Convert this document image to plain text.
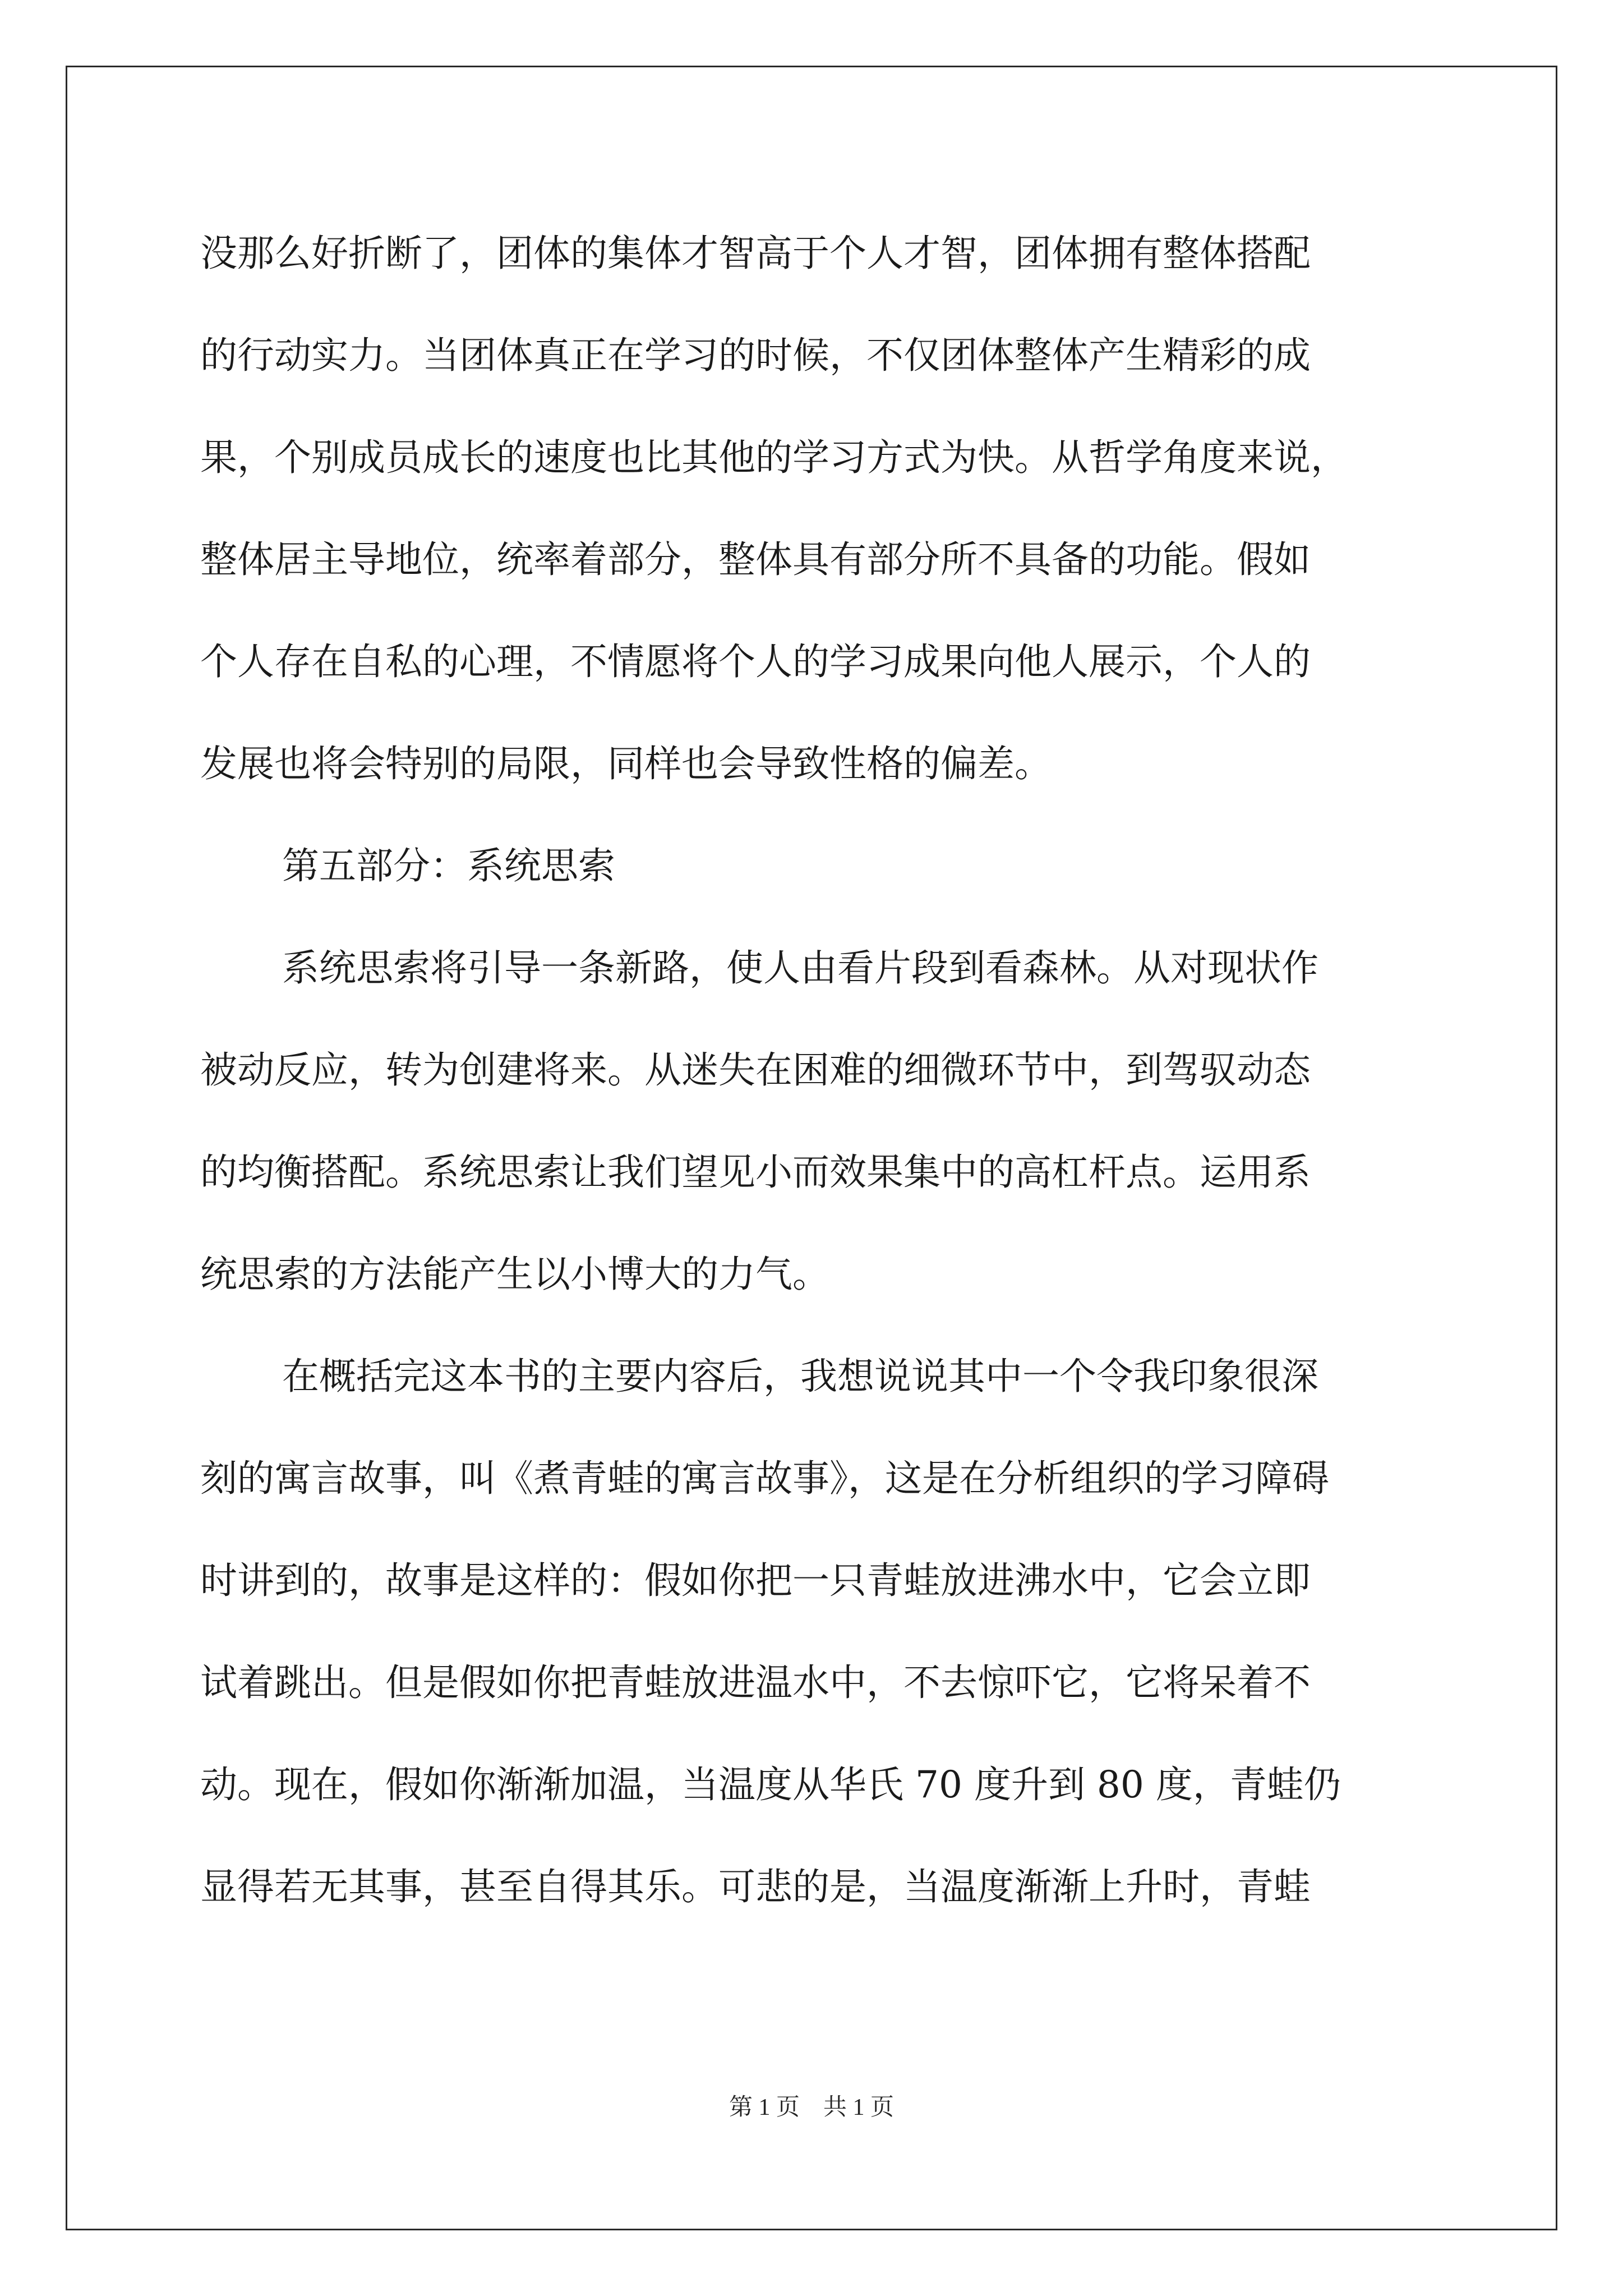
没那么好折断了，团体的集体才智高于个人才智，团体拥有整体搭配
的行动实力。当团体真正在学习的时候，不仅团体整体产生精彩的成
果，个别成员成长的速度也比其他的学习方式为快。从哲学角度来说，
整体居主导地位，统率着部分，整体具有部分所不具备的功能。假如
个人存在自私的心理，不情愿将个人的学习成果向他人展示，个人的
发展也将会特别的局限，同样也会导致性格的偏差。
第五部分：系统思索
系统思索将引导一条新路，使人由看片段到看森林。从对现状作
被动反应，转为创建将来。从迷失在困难的细微环节中，到驾驭动态
的均衡搭配。系统思索让我们望见小而效果集中的高杠杆点。运用系
统思索的方法能产生以小博大的力气。
在概括完这本书的主要内容后，我想说说其中一个令我印象很深
刻的寓言故事，叫《煮青蛙的寓言故事》，这是在分析组织的学习障碍
时讲到的，故事是这样的：假如你把一只青蛙放进沸水中，它会立即
试着跳出。但是假如你把青蛙放进温水中，不去惊吓它，它将呆着不
动。现在，假如你渐渐加温，当温度从华氏 70 度升到 80 度，青蛙仍
显得若无其事，甚至自得其乐。可悲的是，当温度渐渐上升时，青蛙
第 1 页　共 1 页
